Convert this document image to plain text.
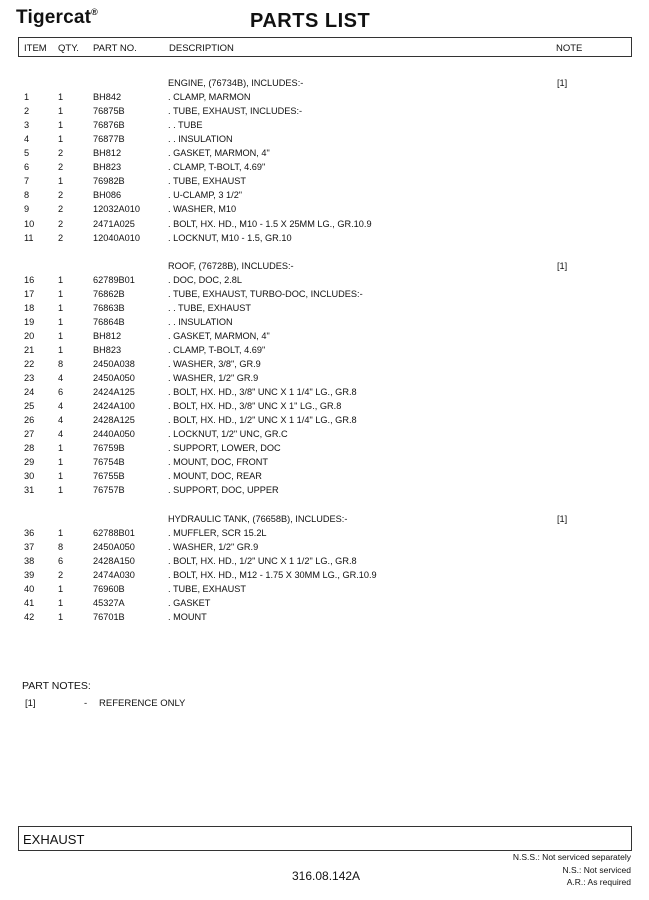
Tigercat®	PARTS LIST
ITEM QTY. PART NO.	DESCRIPTION	NOTE
ENGINE, (76734B), INCLUDES:-	[1]
1	1	BH842	. CLAMP, MARMON
2	1	76875B	. TUBE, EXHAUST, INCLUDES:-
3	1	76876B	. . TUBE
4	1	76877B	. . INSULATION
5	2	BH812	. GASKET, MARMON, 4"
6	2	BH823	. CLAMP, T-BOLT, 4.69"
7	1	76982B	. TUBE, EXHAUST
8	2	BH086	. U-CLAMP, 3 1/2"
9	2	12032A010	. WASHER, M10
10	2	2471A025	. BOLT, HX. HD., M10 - 1.5 X 25MM LG., GR.10.9
11	2	12040A010	. LOCKNUT, M10 - 1.5, GR.10
ROOF, (76728B), INCLUDES:-	[1]
16	1	62789B01	. DOC, DOC, 2.8L
17	1	76862B	. TUBE, EXHAUST, TURBO-DOC, INCLUDES:-
18	1	76863B	. . TUBE, EXHAUST
19	1	76864B	. . INSULATION
20	1	BH812	. GASKET, MARMON, 4"
21	1	BH823	. CLAMP, T-BOLT, 4.69"
22	8	2450A038	. WASHER, 3/8", GR.9
23	4	2450A050	. WASHER, 1/2" GR.9
24	6	2424A125	. BOLT, HX. HD., 3/8" UNC X 1 1/4" LG., GR.8
25	4	2424A100	. BOLT, HX. HD., 3/8" UNC X 1" LG., GR.8
26	4	2428A125	. BOLT, HX. HD., 1/2" UNC X 1 1/4" LG., GR.8
27	4	2440A050	. LOCKNUT, 1/2" UNC, GR.C
28	1	76759B	. SUPPORT, LOWER, DOC
29	1	76754B	. MOUNT, DOC, FRONT
30	1	76755B	. MOUNT, DOC, REAR
31	1	76757B	. SUPPORT, DOC, UPPER
HYDRAULIC TANK, (76658B), INCLUDES:-	[1]
36	1	62788B01	. MUFFLER, SCR 15.2L
37	8	2450A050	. WASHER, 1/2" GR.9
38	6	2428A150	. BOLT, HX. HD., 1/2" UNC X 1 1/2" LG., GR.8
39	2	2474A030	. BOLT, HX. HD., M12 - 1.75 X 30MM LG., GR.10.9
40	1	76960B	. TUBE, EXHAUST
41	1	45327A	. GASKET
42	1	76701B	. MOUNT
PART NOTES:
[1]	- REFERENCE ONLY
EXHAUST
N.S.S.: Not serviced separately
N.S.: Not serviced
A.R.: As required
316.08.142A
